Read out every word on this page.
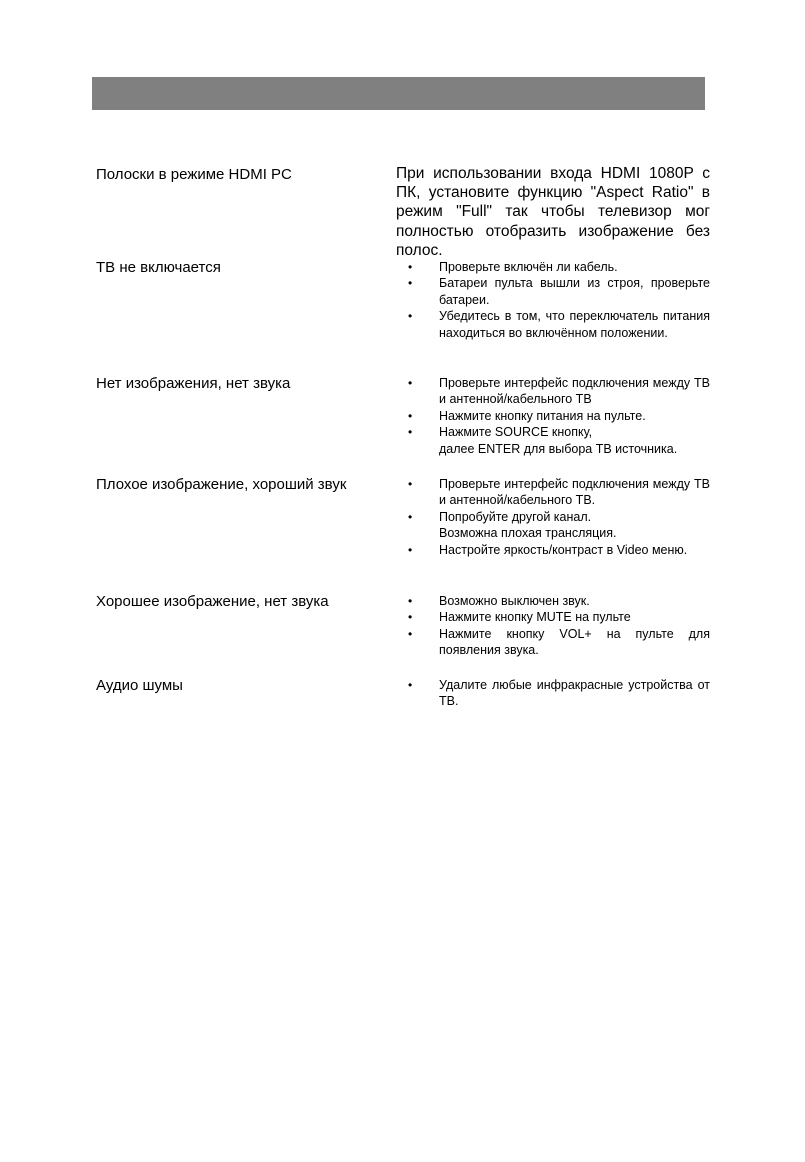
Полоски в режиме HDMI PC	При использовании входа HDMI 1080P с ПК, установите функцию "Aspect Ratio" в режим "Full" так чтобы телевизор мог полностью отобразить изображение без полос.

ТВ не включается	• Проверьте включён ли кабель.
• Батареи пульта вышли из строя, проверьте батареи.
• Убедитесь в том, что переключатель питания находиться во включённом положении.

Нет изображения, нет звука	• Проверьте интерфейс подключения между ТВ и антенной/кабельного ТВ
• Нажмите кнопку питания на пульте.
• Нажмите SOURCE кнопку,
далее ENTER для выбора ТВ источника.

Плохое изображение, хороший звук	• Проверьте интерфейс подключения между ТВ и антенной/кабельного ТВ.
• Попробуйте другой канал.
Возможна плохая трансляция.
• Настройте яркость/контраст в Video меню.

Хорошее изображение, нет звука	• Возможно выключен звук.
• Нажмите кнопку MUTE на пульте
• Нажмите кнопку VOL+ на пульте для появления звука.

Аудио шумы	• Удалите любые инфракрасные устройства от ТВ.
